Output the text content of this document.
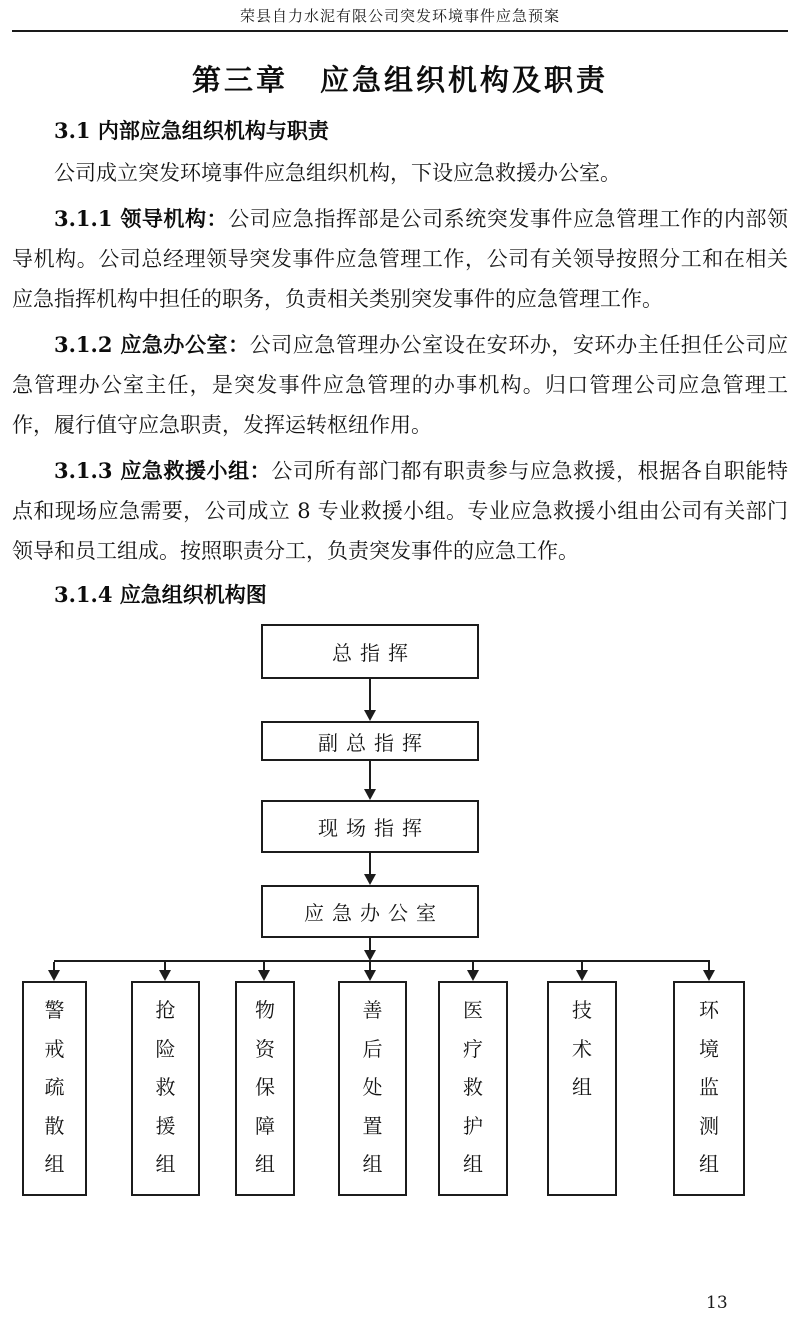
荣县自力水泥有限公司突发环境事件应急预案
第三章　应急组织机构及职责
3.1 内部应急组织机构与职责

公司成立突发环境事件应急组织机构，下设应急救援办公室。

3.1.1 领导机构：公司应急指挥部是公司系统突发事件应急管理工作的内部领导机构。公司总经理领导突发事件应急管理工作，公司有关领导按照分工和在相关应急指挥机构中担任的职务，负责相关类别突发事件的应急管理工作。

3.1.2 应急办公室：公司应急管理办公室设在安环办，安环办主任担任公司应急管理办公室主任，是突发事件应急管理的办事机构。归口管理公司应急管理工作，履行值守应急职责，发挥运转枢纽作用。

3.1.3 应急救援小组：公司所有部门都有职责参与应急救援，根据各自职能特点和现场应急需要，公司成立 8 专业救援小组。专业应急救援小组由公司有关部门领导和员工组成。按照职责分工，负责突发事件的应急工作。

3.1.4 应急组织机构图
总指挥
副总指挥
现场指挥
应急办公室
警戒疏散组
抢险救援组
物资保障组
善后处置组
医疗救护组
技术组
环境监测组
13
